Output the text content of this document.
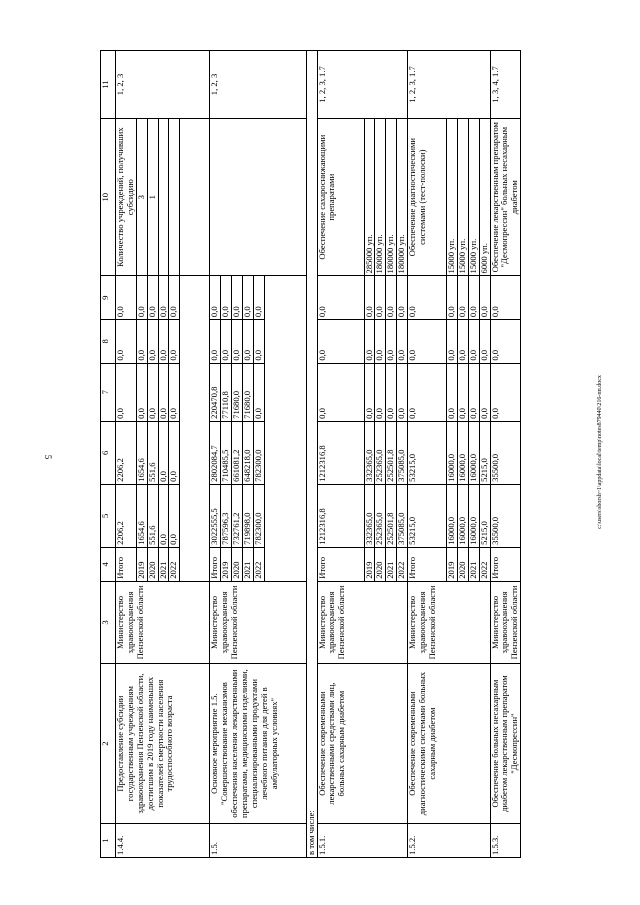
5	c:\users\sborsh~1\appdata\local\temp\notes879440\216-пп.docx
1	2	3	4	5	6	7	8	9	10	11
1.4.4.	Предоставление субсидии государственным учреждениям здравоохранения Пензенской области, достигшим в 2019 году наименьших показателей смертности населения трудоспособного возраста	Министерство здравоохранения Пензенской области	Итого	2206,2	2206,2	0,0	0,0	0,0	Количество учреждений, получивших субсидию	1, 2, 3
			2019	1654,6	1654,6	0,0	0,0	0,0	3	
			2020	551,6	551,6	0,0	0,0	0,0	1	
			2021	0,0	0,0	0,0	0,0	0,0		
			2022	0,0	0,0	0,0	0,0	0,0		

1.5.	Основное мероприятие 1.5. "Совершенствование механизмов обеспечения населения лекарственными препаратами, медицинскими изделиями, специализированными продуктами лечебного питания для детей в амбулаторных условиях"	Министерство здравоохранения Пензенской области	Итого	3022555,5	2802084,7	220470,8	0,0	0,0		1, 2, 3
			2019	787596,3	710485,5	77110,8	0,0	0,0		
			2020	732761,2	661081,2	71680,0	0,0	0,0		
			2021	719898,0	648218,0	71680,0	0,0	0,0		
			2022	782300,0	782300,0	0,0	0,0	0,0		

в том числе:										
1.5.1.	Обеспечение современными лекарственными средствами лиц, больных сахарным диабетом	Министерство здравоохранения Пензенской области	Итого	1212316,8	1212316,8	0,0	0,0	0,0	Обеспечение сахароснижающими препаратами	1, 2, 3, 1.7
			2019	332365,0	332365,0	0,0	0,0	0,0	285000 уп.	
			2020	252365,0	252365,0	0,0	0,0	0,0	180000 уп.	
			2021	252501,8	252501,8	0,0	0,0	0,0	180000 уп.	
			2022	375085,0	375085,0	0,0	0,0	0,0	180000 уп.	
1.5.2.	Обеспечение современными диагностическими системами больных сахарным диабетом	Министерство здравоохранения Пензенской области	Итого	53215,0	53215,0	0,0	0,0	0,0	Обеспечение диагностическими системами (тест-полоски)	1, 2, 3, 1.7
			2019	16000,0	16000,0	0,0	0,0	0,0	15000 уп.	
			2020	16000,0	16000,0	0,0	0,0	0,0	15000 уп.	
			2021	16000,0	16000,0	0,0	0,0	0,0	15000 уп.	
			2022	5215,0	5215,0	0,0	0,0	0,0	6000 уп.	
1.5.3.	Обеспечение больных несахарным диабетом лекарственным препаратом "Десмопрессин"	Министерство здравоохранения Пензенской области	Итого	35500,0	35500,0	0,0	0,0	0,0	Обеспечение лекарственным препаратом "Десмопрессин" больных несахарным диабетом	1, 3, 4, 1.7
